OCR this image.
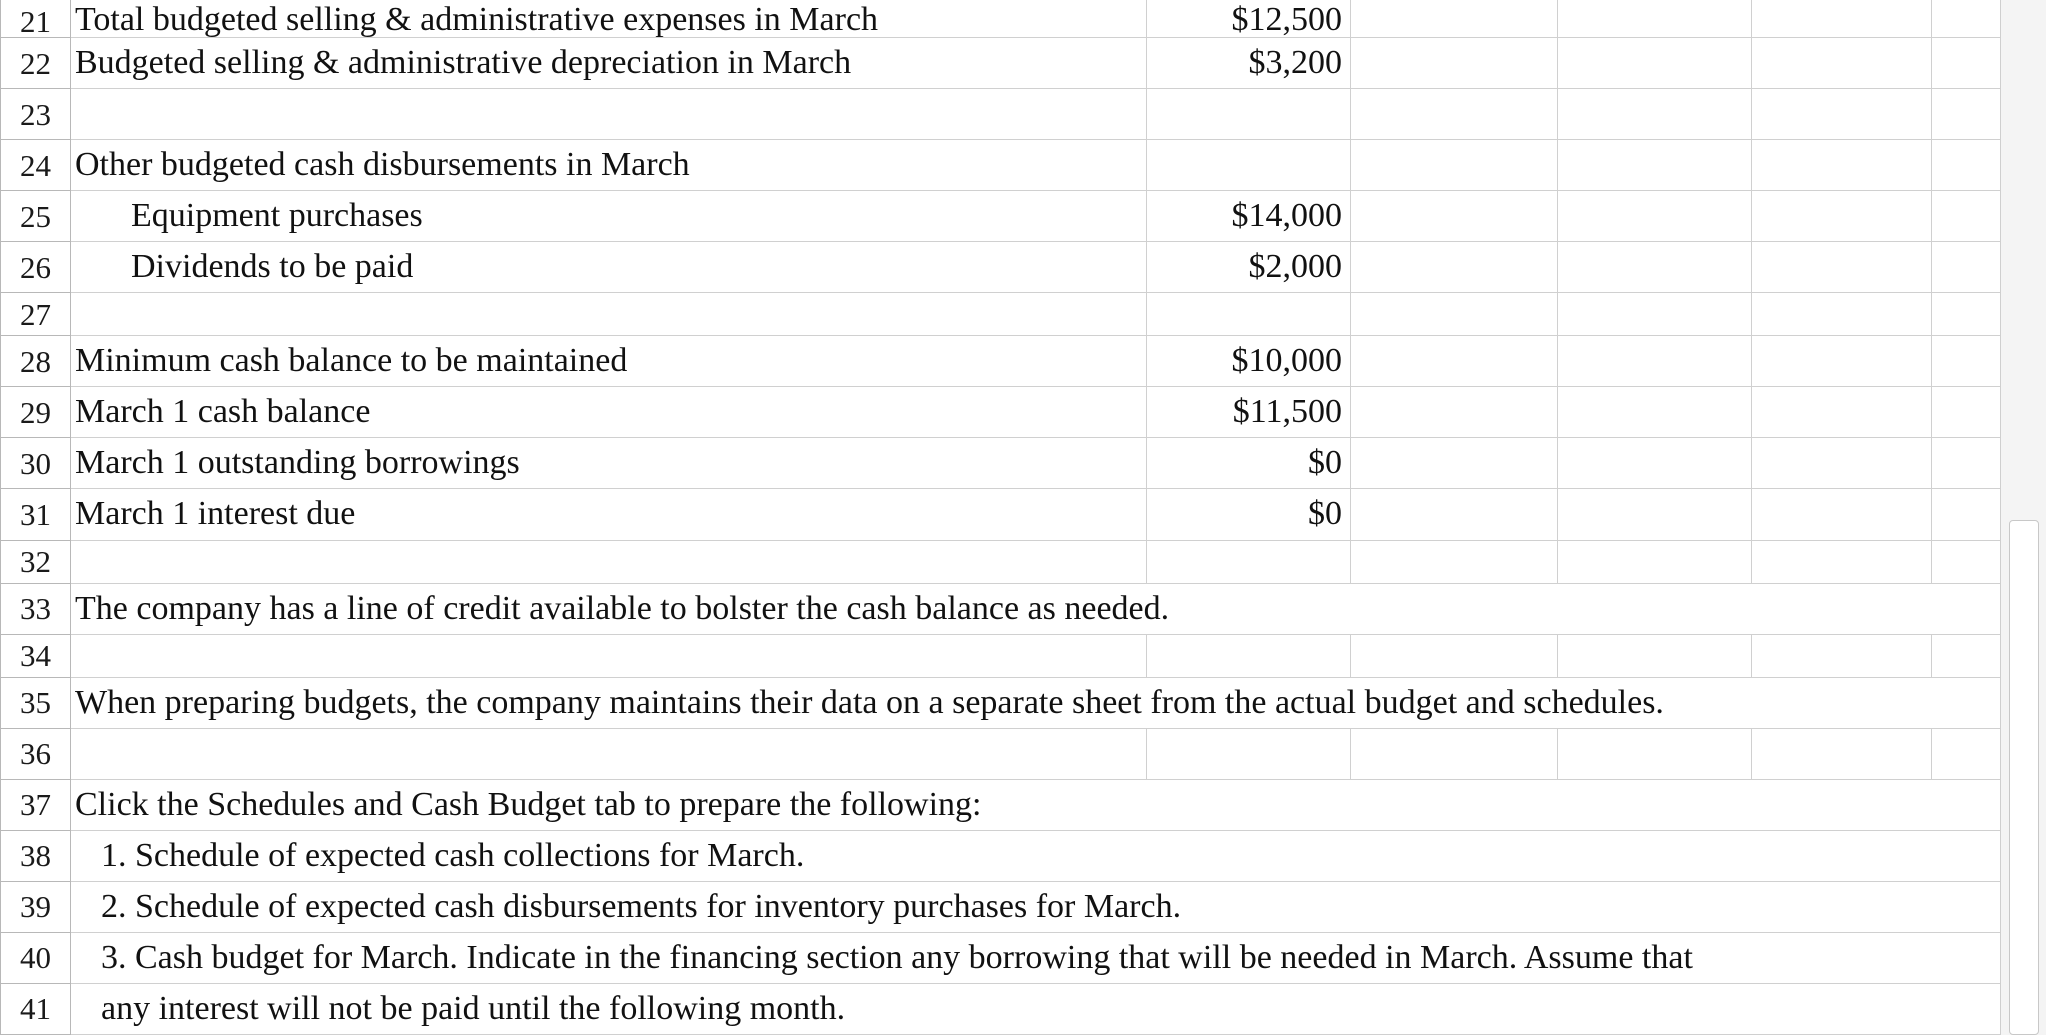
21	Total budgeted selling & administrative expenses in March	$12,500				
22	Budgeted selling & administrative depreciation in March	$3,200				
23						
24	Other budgeted cash disbursements in March					
25	Equipment purchases	$14,000				
26	Dividends to be paid	$2,000				
27						
28	Minimum cash balance to be maintained	$10,000				
29	March 1 cash balance	$11,500				
30	March 1 outstanding borrowings	$0				
31	March 1 interest due	$0				
32						
33	The company has a line of credit available to bolster the cash balance as needed.					
34						
35	When preparing budgets, the company maintains their data on a separate sheet from the actual budget and schedules.					
36						
37	Click the Schedules and Cash Budget tab to prepare the following:					
38	1. Schedule of expected cash collections for March.					
39	2. Schedule of expected cash disbursements for inventory purchases for March.					
40	3. Cash budget for March. Indicate in the financing section any borrowing that will be needed in March. Assume that					
41	any interest will not be paid until the following month.					
